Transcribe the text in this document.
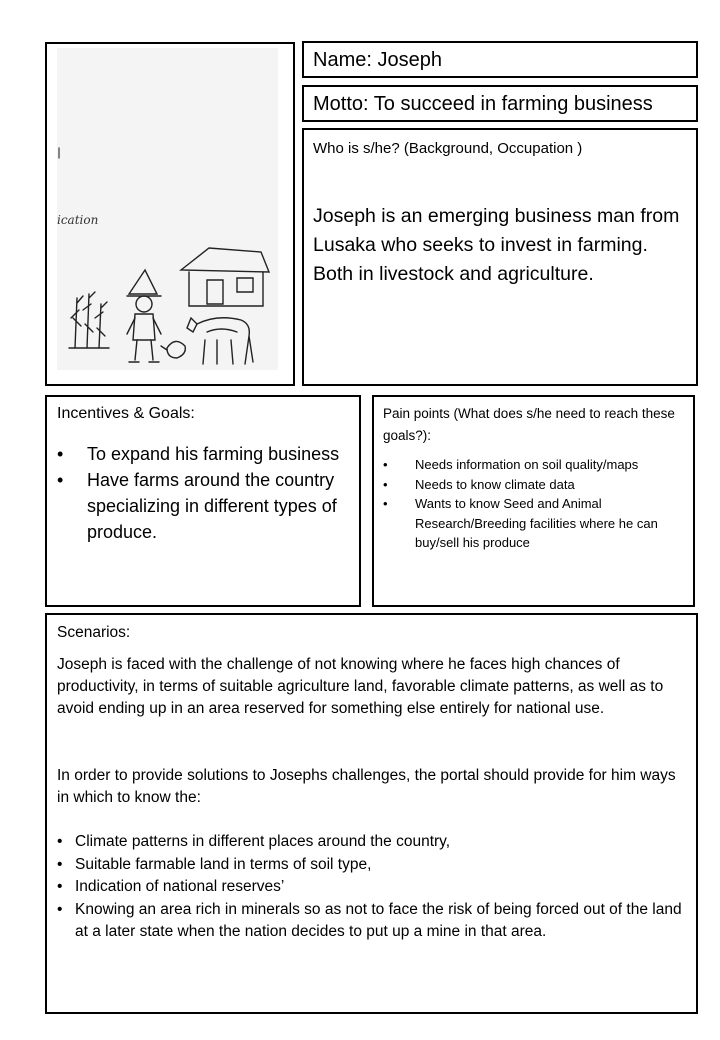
ication
Name: Joseph
Motto: To succeed in farming business
Who is s/he? (Background, Occupation )
Joseph is an emerging business man from Lusaka who seeks to invest in farming. Both in livestock and agriculture.
Incentives & Goals:
• To expand his farming business
• Have farms around the country specializing in different types of produce.
Pain points (What does s/he need to reach these goals?):
• Needs information on soil quality/maps
• Needs to know climate data
• Wants to know Seed and Animal Research/Breeding facilities where he can buy/sell his produce
Scenarios:

Joseph is faced with the challenge of not knowing where he faces high chances of productivity, in terms of suitable agriculture land, favorable climate patterns, as well as to avoid ending up in an area reserved for something else entirely for national use.

In order to provide solutions to Josephs challenges, the portal should provide for him ways in which to know the:

• Climate patterns in different places around the country,
• Suitable farmable land in terms of soil type,
• Indication of national reserves’
• Knowing an area rich in minerals so as not to face the risk of being forced out of the land at a later state when the nation decides to put up a mine in that area.
